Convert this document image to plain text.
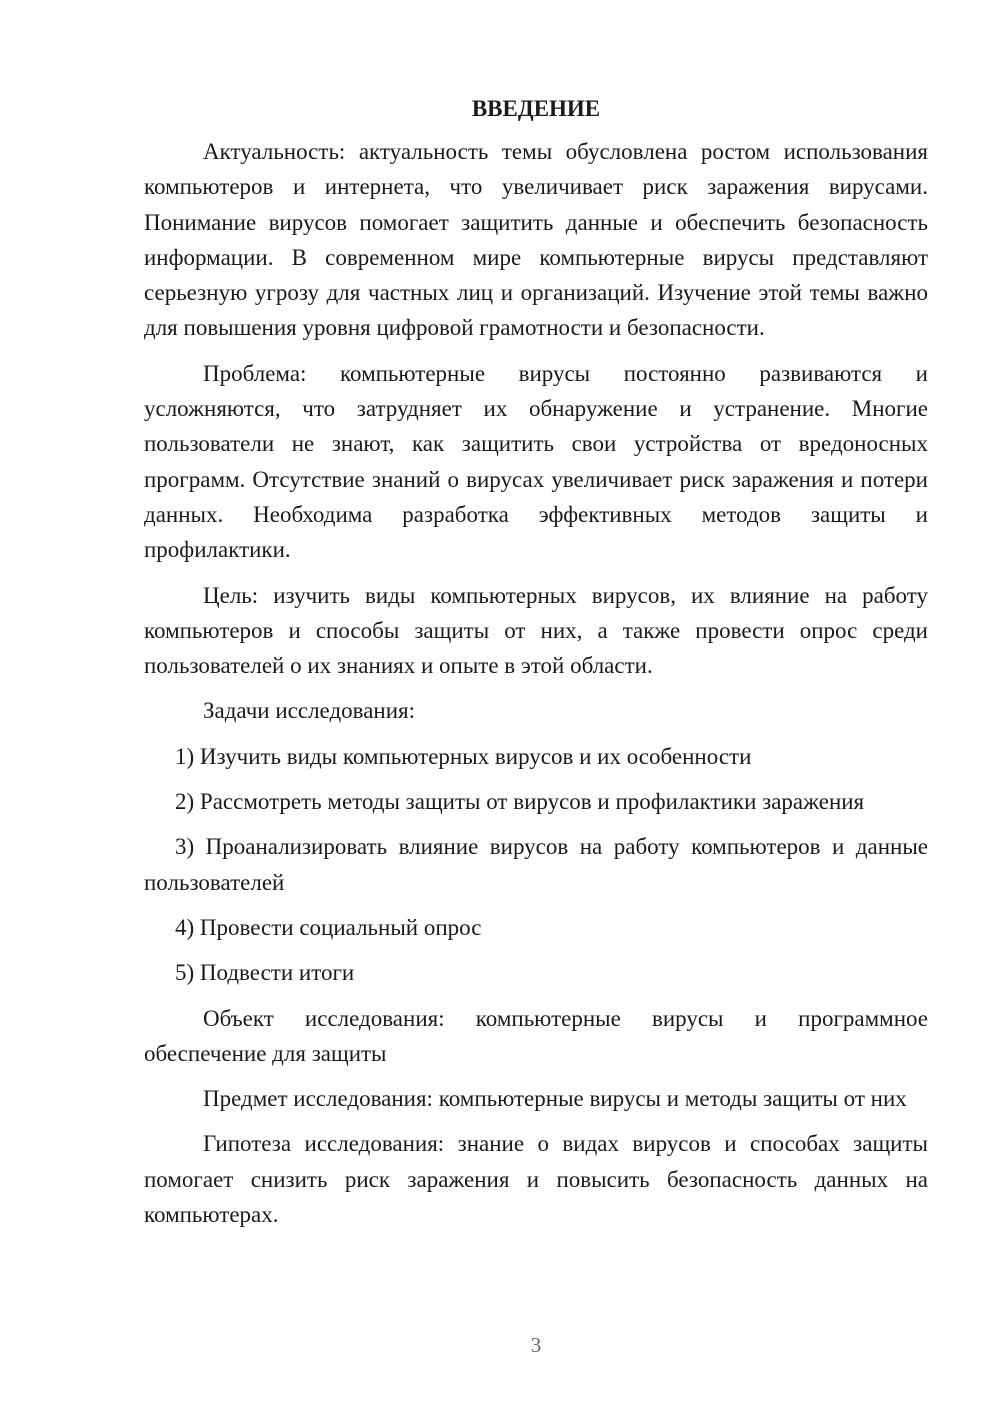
ВВЕДЕНИЕ

Актуальность: актуальность темы обусловлена ростом использования компьютеров и интернета, что увеличивает риск заражения вирусами. Понимание вирусов помогает защитить данные и обеспечить безопасность информации. В современном мире компьютерные вирусы представляют серьезную угрозу для частных лиц и организаций. Изучение этой темы важно для повышения уровня цифровой грамотности и безопасности.

Проблема: компьютерные вирусы постоянно развиваются и усложняются, что затрудняет их обнаружение и устранение. Многие пользователи не знают, как защитить свои устройства от вредоносных программ. Отсутствие знаний о вирусах увеличивает риск заражения и потери данных. Необходима разработка эффективных методов защиты и профилактики.

Цель: изучить виды компьютерных вирусов, их влияние на работу компьютеров и способы защиты от них, а также провести опрос среди пользователей о их знаниях и опыте в этой области.

Задачи исследования:

1) Изучить виды компьютерных вирусов и их особенности

2) Рассмотреть методы защиты от вирусов и профилактики заражения

3) Проанализировать влияние вирусов на работу компьютеров и данные пользователей

4) Провести социальный опрос

5) Подвести итоги

Объект исследования: компьютерные вирусы и программное обеспечение для защиты

Предмет исследования: компьютерные вирусы и методы защиты от них

Гипотеза исследования: знание о видах вирусов и способах защиты помогает снизить риск заражения и повысить безопасность данных на компьютерах.

3
